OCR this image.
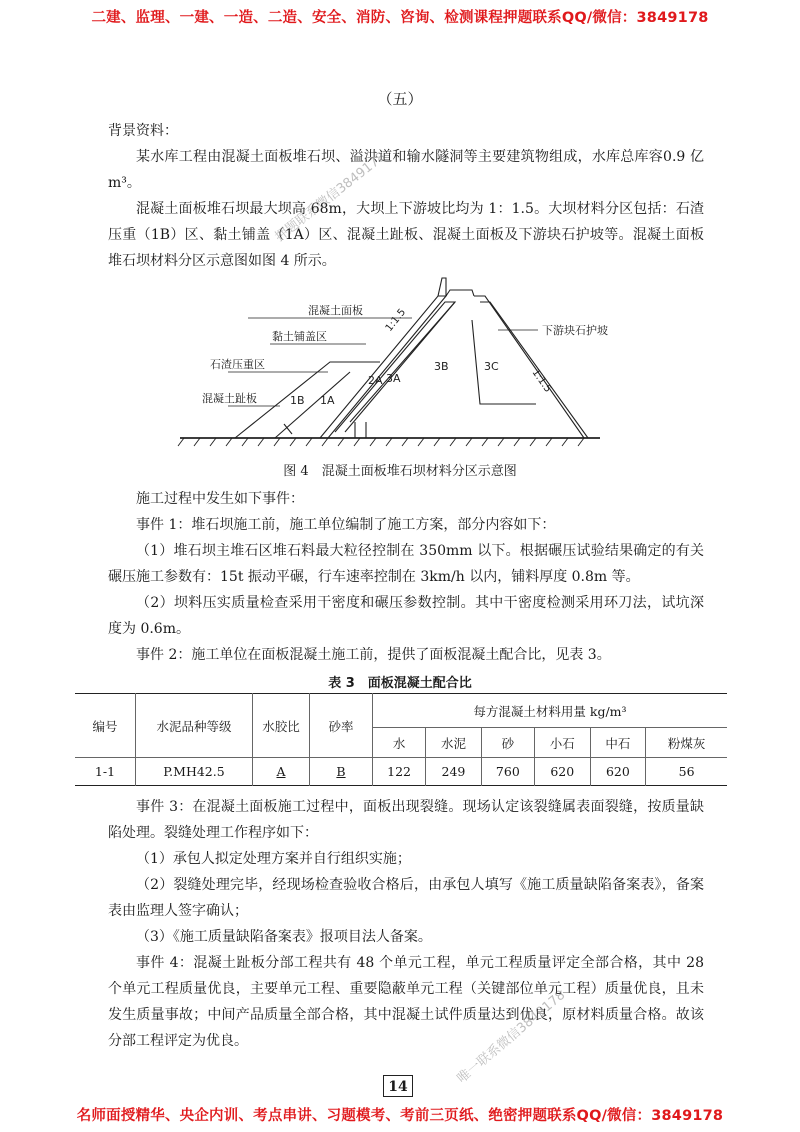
二建、监理、一建、一造、二造、安全、消防、咨询、检测课程押题联系QQ/微信：3849178
（五）

背景资料：

某水库工程由混凝土面板堆石坝、溢洪道和输水隧洞等主要建筑物组成，水库总库容0.9 亿 m³。

混凝土面板堆石坝最大坝高 68m，大坝上下游坡比均为 1：1.5。大坝材料分区包括：石渣压重（1B）区、黏土铺盖（1A）区、混凝土趾板、混凝土面板及下游块石护坡等。混凝土面板堆石坝材料分区示意图如图 4 所示。

混凝土面板
黏土铺盖区
石渣压重区
混凝土趾板
下游块石护坡
1:1.5
1:1.5
1B 1A
2A 3A
3B	3C
图 4　混凝土面板堆石坝材料分区示意图

施工过程中发生如下事件：

事件 1：堆石坝施工前，施工单位编制了施工方案，部分内容如下：

（1）堆石坝主堆石区堆石料最大粒径控制在 350mm 以下。根据碾压试验结果确定的有关碾压施工参数有：15t 振动平碾，行车速率控制在 3km/h 以内，铺料厚度 0.8m 等。

（2）坝料压实质量检查采用干密度和碾压参数控制。其中干密度检测采用环刀法，试坑深度为 0.6m。

事件 2：施工单位在面板混凝土施工前，提供了面板混凝土配合比，见表 3。

表 3　面板混凝土配合比
编号	水泥品种等级	水胶比	砂率	每方混凝土材料用量 kg/m³					
				水	水泥	砂	小石	中石	粉煤灰
1-1	P.MH42.5	A	B	122	249	760	620	620	56

事件 3：在混凝土面板施工过程中，面板出现裂缝。现场认定该裂缝属表面裂缝，按质量缺陷处理。裂缝处理工作程序如下：

（1）承包人拟定处理方案并自行组织实施；

（2）裂缝处理完毕，经现场检查验收合格后，由承包人填写《施工质量缺陷备案表》，备案表由监理人签字确认；

（3）《施工质量缺陷备案表》报项目法人备案。

事件 4：混凝土趾板分部工程共有 48 个单元工程，单元工程质量评定全部合格，其中 28 个单元工程质量优良，主要单元工程、重要隐蔽单元工程（关键部位单元工程）质量优良，且未发生质量事故；中间产品质量全部合格，其中混凝土试件质量达到优良，原材料质量合格。故该分部工程评定为优良。

14
押题联系微信3849178
唯一联系微信3849178
名师面授精华、央企内训、考点串讲、习题模考、考前三页纸、绝密押题联系QQ/微信：3849178
